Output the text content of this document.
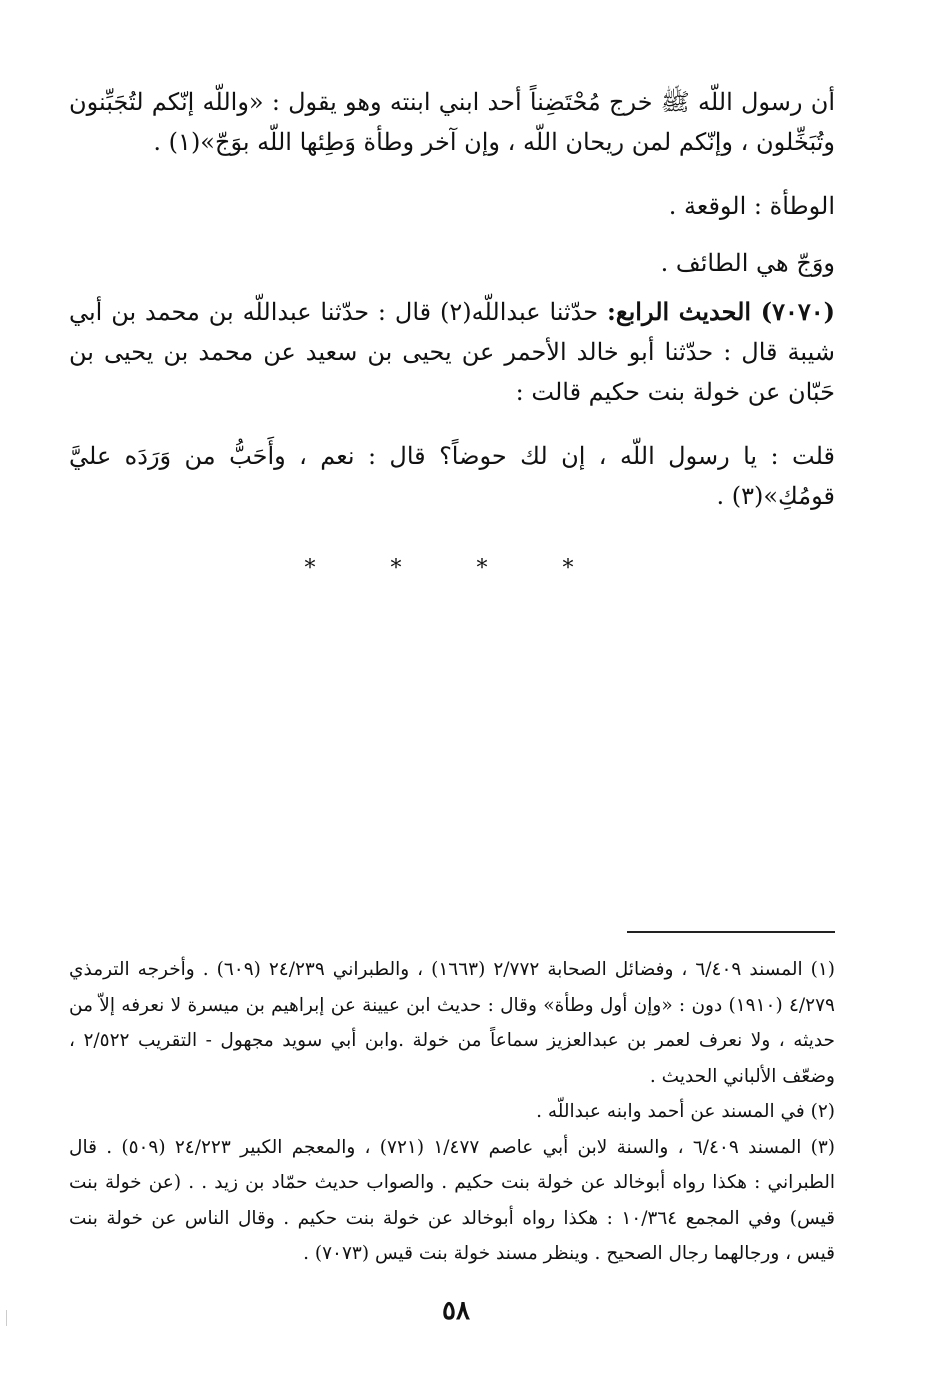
أن رسول اللّه ﷺ خرج مُحْتَضِناً أحد ابني ابنته وهو يقول : «واللّه إنّكم لتُجَبِّنون وتُبَخِّلون ، وإنّكم لمن ريحان اللّه ، وإن آخر وطأة وَطِئها اللّه بوَجّ»(١) .

الوطأة : الوقعة .

ووَجّ هي الطائف .

(٧٠٧٠) الحديث الرابع: حدّثنا عبداللّه(٢) قال : حدّثنا عبداللّه بن محمد بن أبي شيبة قال : حدّثنا أبو خالد الأحمر عن يحيى بن سعيد عن محمد بن يحيى بن حَبّان عن خولة بنت حكيم قالت :

قلت : يا رسول اللّه ، إن لك حوضاً؟ قال : نعم ، وأَحَبُّ من وَرَدَه عليَّ قومُكِ»(٣) .

* * * *

(١) المسند ٦/٤٠٩ ، وفضائل الصحابة ٢/٧٧٢ (١٦٦٣) ، والطبراني ٢٤/٢٣٩ (٦٠٩) . وأخرجه الترمذي ٤/٢٧٩ (١٩١٠) دون : «وإن أول وطأة» وقال : حديث ابن عيينة عن إبراهيم بن ميسرة لا نعرفه إلاّ من حديثه ، ولا نعرف لعمر بن عبدالعزيز سماعاً من خولة .وابن أبي سويد مجهول - التقريب ٢/٥٢٢ ، وضعّف الألباني الحديث .

(٢) في المسند عن أحمد وابنه عبداللّه .

(٣) المسند ٦/٤٠٩ ، والسنة لابن أبي عاصم ١/٤٧٧ (٧٢١) ، والمعجم الكبير ٢٤/٢٢٣ (٥٠٩) . قال الطبراني : هكذا رواه أبوخالد عن خولة بنت حكيم . والصواب حديث حمّاد بن زيد . . (عن خولة بنت قيس) وفي المجمع ١٠/٣٦٤ : هكذا رواه أبوخالد عن خولة بنت حكيم . وقال الناس عن خولة بنت قيس ، ورجالهما رجال الصحيح . وينظر مسند خولة بنت قيس (٧٠٧٣) .

٥٨
